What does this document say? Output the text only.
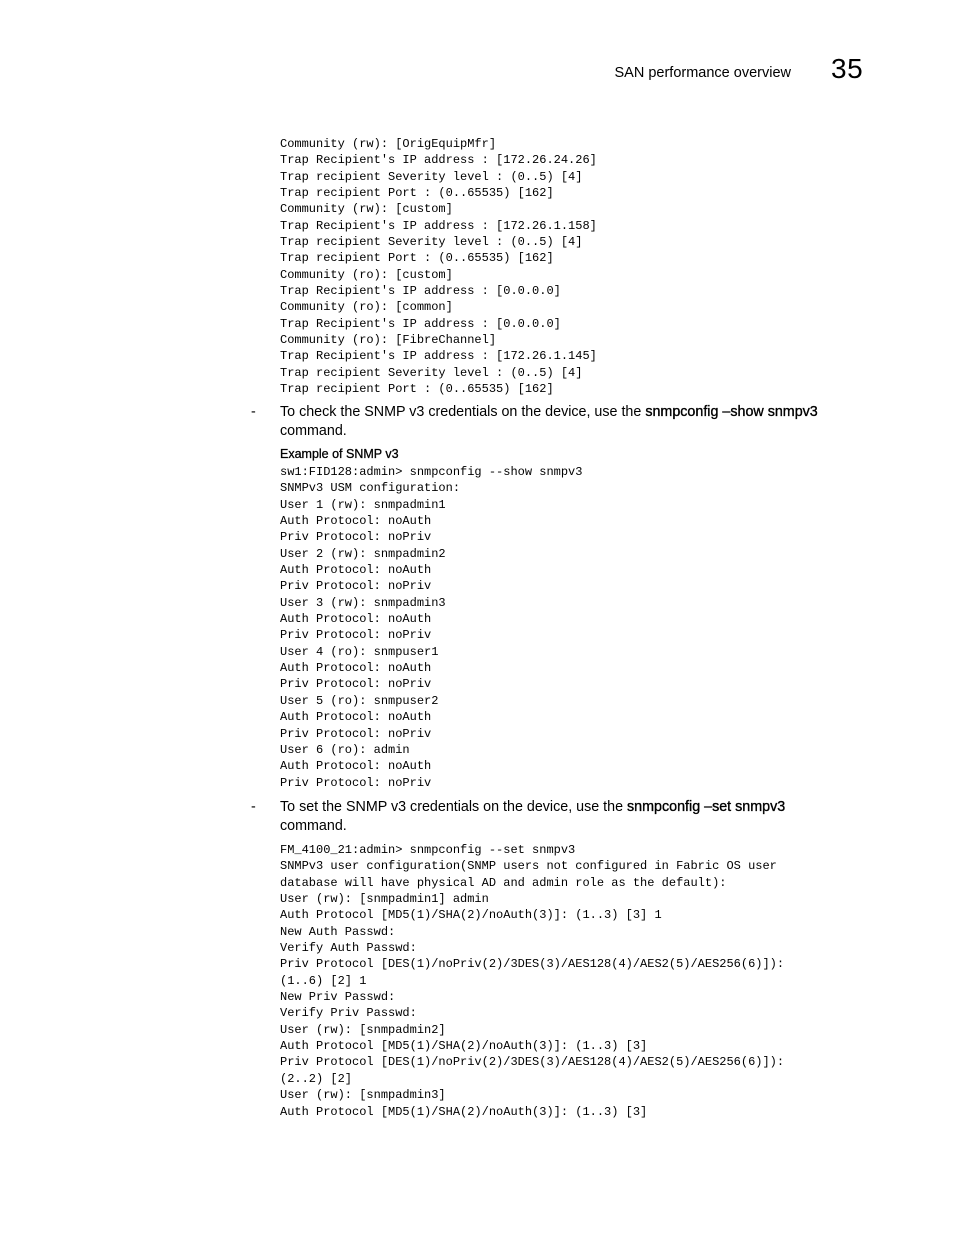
SAN performance overview 35
Community (rw): [OrigEquipMfr]
Trap Recipient's IP address : [172.26.24.26]
Trap recipient Severity level : (0..5) [4]
Trap recipient Port : (0..65535) [162]
Community (rw): [custom]
Trap Recipient's IP address : [172.26.1.158]
Trap recipient Severity level : (0..5) [4]
Trap recipient Port : (0..65535) [162]
Community (ro): [custom]
Trap Recipient's IP address : [0.0.0.0]
Community (ro): [common]
Trap Recipient's IP address : [0.0.0.0]
Community (ro): [FibreChannel]
Trap Recipient's IP address : [172.26.1.145]
Trap recipient Severity level : (0..5) [4]
Trap recipient Port : (0..65535) [162]
- To check the SNMP v3 credentials on the device, use the snmpconfig –show snmpv3
command.
Example of SNMP v3
sw1:FID128:admin> snmpconfig --show snmpv3
SNMPv3 USM configuration:
User 1 (rw): snmpadmin1
Auth Protocol: noAuth
Priv Protocol: noPriv
User 2 (rw): snmpadmin2
Auth Protocol: noAuth
Priv Protocol: noPriv
User 3 (rw): snmpadmin3
Auth Protocol: noAuth
Priv Protocol: noPriv
User 4 (ro): snmpuser1
Auth Protocol: noAuth
Priv Protocol: noPriv
User 5 (ro): snmpuser2
Auth Protocol: noAuth
Priv Protocol: noPriv
User 6 (ro): admin
Auth Protocol: noAuth
Priv Protocol: noPriv
- To set the SNMP v3 credentials on the device, use the snmpconfig –set snmpv3
command.
FM_4100_21:admin> snmpconfig --set snmpv3
SNMPv3 user configuration(SNMP users not configured in Fabric OS user
database will have physical AD and admin role as the default):
User (rw): [snmpadmin1] admin
Auth Protocol [MD5(1)/SHA(2)/noAuth(3)]: (1..3) [3] 1
New Auth Passwd:
Verify Auth Passwd:
Priv Protocol [DES(1)/noPriv(2)/3DES(3)/AES128(4)/AES2(5)/AES256(6)]):
(1..6) [2] 1
New Priv Passwd:
Verify Priv Passwd:
User (rw): [snmpadmin2]
Auth Protocol [MD5(1)/SHA(2)/noAuth(3)]: (1..3) [3]
Priv Protocol [DES(1)/noPriv(2)/3DES(3)/AES128(4)/AES2(5)/AES256(6)]):
(2..2) [2]
User (rw): [snmpadmin3]
Auth Protocol [MD5(1)/SHA(2)/noAuth(3)]: (1..3) [3]
